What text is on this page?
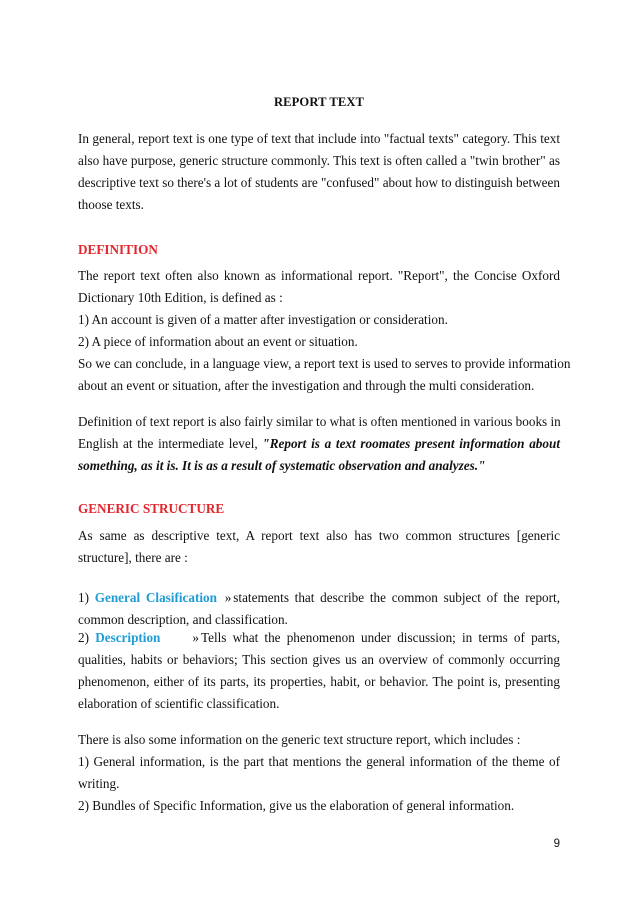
REPORT TEXT
In general, report text is one type of text that include into "factual texts" category. This text
also have purpose, generic structure commonly. This text is often called a "twin brother" as
descriptive text so there's a lot of students are "confused" about how to distinguish between
thoose texts.
DEFINITION
The report text often also known as informational report. "Report", the Concise Oxford
Dictionary 10th Edition, is defined as :
1) An account is given of a matter after investigation or consideration.
2) A piece of information about an event or situation.
So we can conclude, in a language view, a report text is used to serves to provide information
about an event or situation, after the investigation and through the multi consideration.
Definition of text report is also fairly similar to what is often mentioned in various books in
English at the intermediate level, "Report is a text roomates present information about
something, as it is. It is as a result of systematic observation and analyzes."
GENERIC STRUCTURE
As same as descriptive text, A report text also has two common structures [generic
structure], there are :
1) General Clasification » statements that describe the common subject of the report,
common description, and classification.
2) Description » Tells what the phenomenon under discussion; in terms of parts,
qualities, habits or behaviors; This section gives us an overview of commonly occurring
phenomenon, either of its parts, its properties, habit, or behavior. The point is, presenting
elaboration of scientific classification.
There is also some information on the generic text structure report, which includes :
1) General information, is the part that mentions the general information of the theme of
writing.
2) Bundles of Specific Information, give us the elaboration of general information.
9
